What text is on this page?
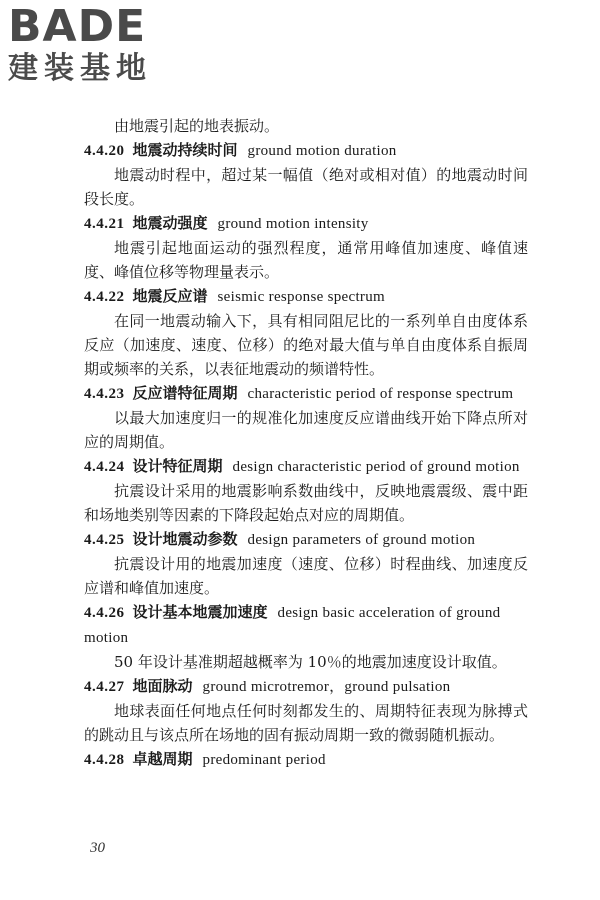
BADE
建装基地

由地震引起的地表振动。

4.4.20 地震动持续时间 ground motion duration

地震动时程中，超过某一幅值（绝对或相对值）的地震动时间段长度。

4.4.21 地震动强度 ground motion intensity

地震引起地面运动的强烈程度，通常用峰值加速度、峰值速度、峰值位移等物理量表示。

4.4.22 地震反应谱 seismic response spectrum

在同一地震动输入下，具有相同阻尼比的一系列单自由度体系反应（加速度、速度、位移）的绝对最大值与单自由度体系自振周期或频率的关系，以表征地震动的频谱特性。

4.4.23 反应谱特征周期 characteristic period of response spectrum

以最大加速度归一的规准化加速度反应谱曲线开始下降点所对应的周期值。

4.4.24 设计特征周期 design characteristic period of ground motion

抗震设计采用的地震影响系数曲线中，反映地震震级、震中距和场地类别等因素的下降段起始点对应的周期值。

4.4.25 设计地震动参数 design parameters of ground motion

抗震设计用的地震加速度（速度、位移）时程曲线、加速度反应谱和峰值加速度。

4.4.26 设计基本地震加速度 design basic acceleration of ground motion

50 年设计基准期超越概率为 10％的地震加速度设计取值。

4.4.27 地面脉动 ground microtremor，ground pulsation

地球表面任何地点任何时刻都发生的、周期特征表现为脉搏式的跳动且与该点所在场地的固有振动周期一致的微弱随机振动。

4.4.28 卓越周期 predominant period

30
